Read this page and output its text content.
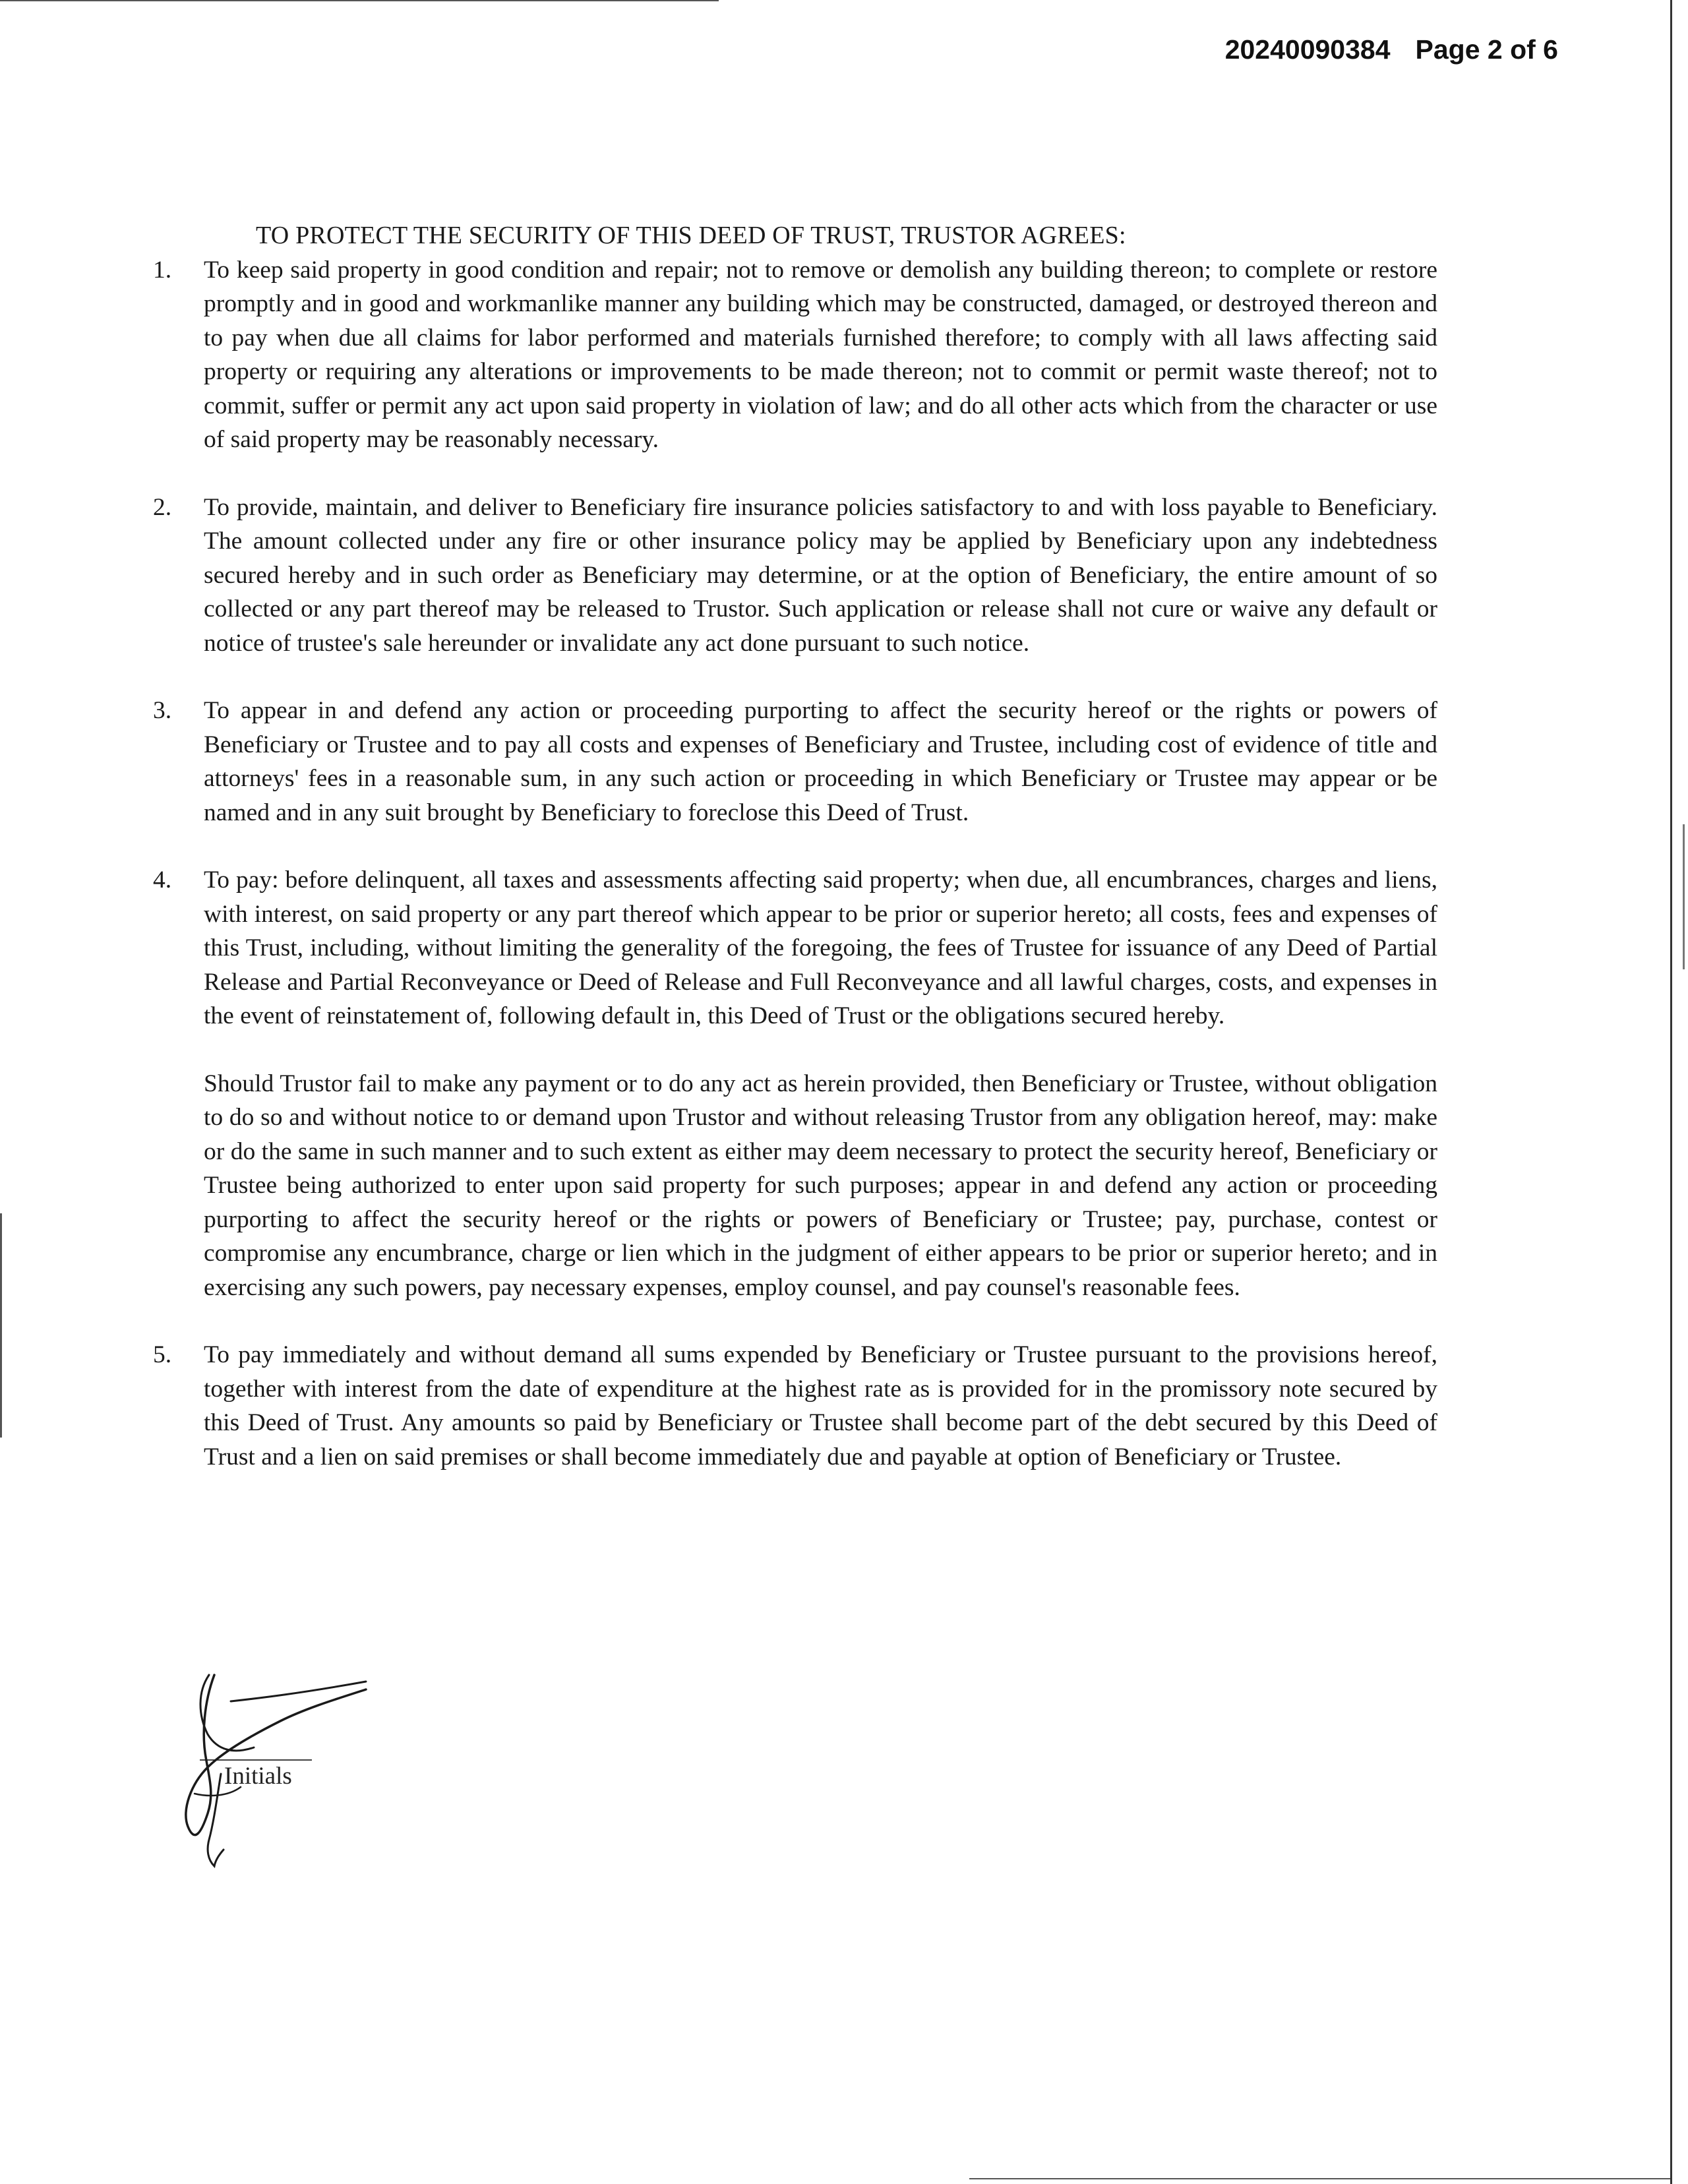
20240090384 Page 2 of 6

TO PROTECT THE SECURITY OF THIS DEED OF TRUST, TRUSTOR AGREES:

1.	To keep said property in good condition and repair; not to remove or demolish any building thereon; to complete or restore promptly and in good and workmanlike manner any building which may be constructed, damaged, or destroyed thereon and to pay when due all claims for labor performed and materials furnished therefore; to comply with all laws affecting said property or requiring any alterations or improvements to be made thereon; not to commit or permit waste thereof; not to commit, suffer or permit any act upon said property in violation of law; and do all other acts which from the character or use of said property may be reasonably necessary.
2.	To provide, maintain, and deliver to Beneficiary fire insurance policies satisfactory to and with loss payable to Beneficiary. The amount collected under any fire or other insurance policy may be applied by Beneficiary upon any indebtedness secured hereby and in such order as Beneficiary may determine, or at the option of Beneficiary, the entire amount of so collected or any part thereof may be released to Trustor. Such application or release shall not cure or waive any default or notice of trustee's sale hereunder or invalidate any act done pursuant to such notice.
3.	To appear in and defend any action or proceeding purporting to affect the security hereof or the rights or powers of Beneficiary or Trustee and to pay all costs and expenses of Beneficiary and Trustee, including cost of evidence of title and attorneys' fees in a reasonable sum, in any such action or proceeding in which Beneficiary or Trustee may appear or be named and in any suit brought by Beneficiary to foreclose this Deed of Trust.
4.	To pay: before delinquent, all taxes and assessments affecting said property; when due, all encumbrances, charges and liens, with interest, on said property or any part thereof which appear to be prior or superior hereto; all costs, fees and expenses of this Trust, including, without limiting the generality of the foregoing, the fees of Trustee for issuance of any Deed of Partial Release and Partial Reconveyance or Deed of Release and Full Reconveyance and all lawful charges, costs, and expenses in the event of reinstatement of, following default in, this Deed of Trust or the obligations secured hereby.

Should Trustor fail to make any payment or to do any act as herein provided, then Beneficiary or Trustee, without obligation to do so and without notice to or demand upon Trustor and without releasing Trustor from any obligation hereof, may: make or do the same in such manner and to such extent as either may deem necessary to protect the security hereof, Beneficiary or Trustee being authorized to enter upon said property for such purposes; appear in and defend any action or proceeding purporting to affect the security hereof or the rights or powers of Beneficiary or Trustee; pay, purchase, contest or compromise any encumbrance, charge or lien which in the judgment of either appears to be prior or superior hereto; and in exercising any such powers, pay necessary expenses, employ counsel, and pay counsel's reasonable fees.

5.	To pay immediately and without demand all sums expended by Beneficiary or Trustee pursuant to the provisions hereof, together with interest from the date of expenditure at the highest rate as is provided for in the promissory note secured by this Deed of Trust. Any amounts so paid by Beneficiary or Trustee shall become part of the debt secured by this Deed of Trust and a lien on said premises or shall become immediately due and payable at option of Beneficiary or Trustee.
Initials
